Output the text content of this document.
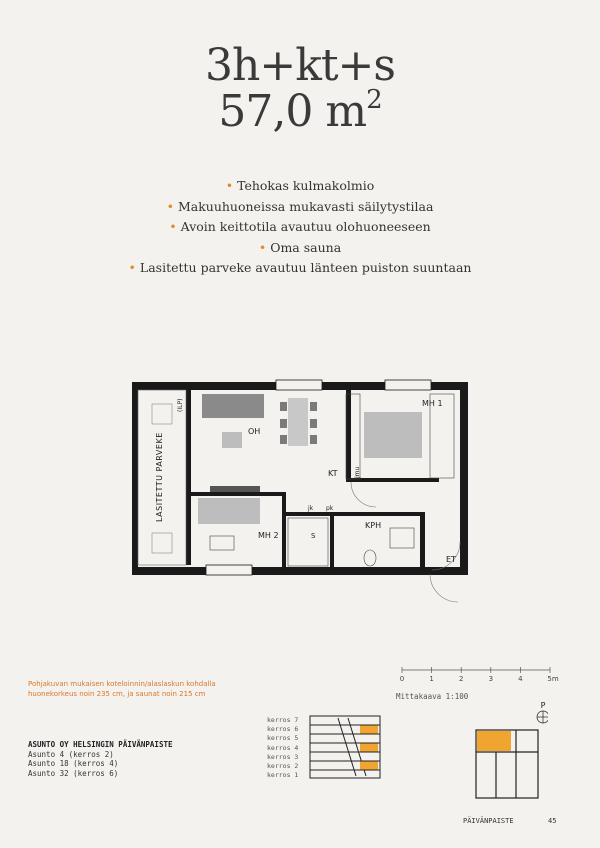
3h+kt+s
57,0 $m^2$
• Tehokas kulmakolmio
• Makuuhuoneissa mukavasti säilytystilaa
• Avoin keittotila avautuu olohuoneeseen
• Oma sauna
• Lasitettu parveke avautuu länteen puiston suuntaan
OH
MH 1
MH 2
KT
KPH
ET
jk pk
S
jmu
(ILP)
LASITETTU PARVEKE
Pohjakuvan mukaisen koteloinnin/alaslaskun kohdalla
huonekorkeus noin 235 cm, ja saunat noin 215 cm
0	1	2	3	4	5m
Mittakaava 1:100
ASUNTO OY HELSINGIN PÄIVÄNPAISTE
Asunto 4 (kerros 2)
Asunto 18 (kerros 4)
Asunto 32 (kerros 6)
kerros 7
kerros 6
kerros 5
kerros 4
kerros 3
kerros 2
kerros 1
P
PÄIVÄNPAISTE	45
